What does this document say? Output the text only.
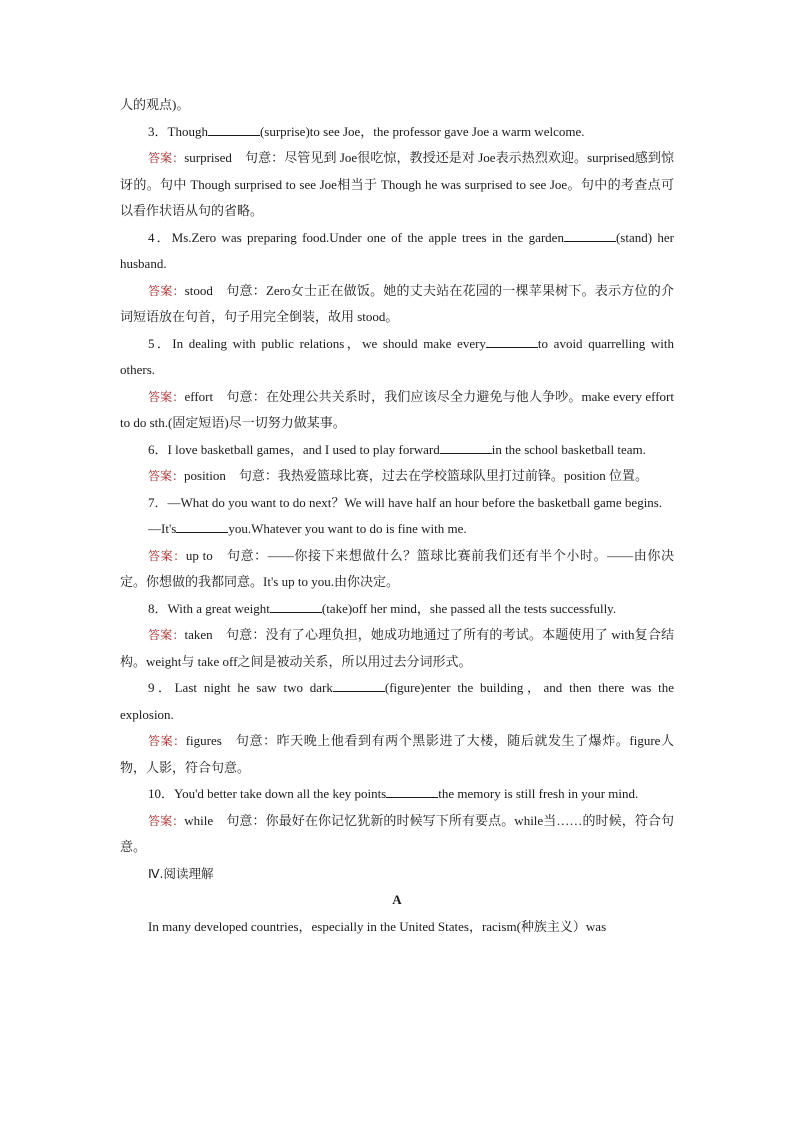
人的观点)。

3．Though	(surprise)to see Joe，the professor gave Joe a warm welcome.

答案：surprised　句意：尽管见到 Joe很吃惊，教授还是对 Joe表示热烈欢迎。surprised感到惊讶的。句中 Though surprised to see Joe相当于 Though he was surprised to see Joe。句中的考查点可以看作状语从句的省略。

4．Ms.Zero was preparing food.Under one of the apple trees in the garden	(stand) her husband.

答案：stood　句意：Zero女士正在做饭。她的丈夫站在花园的一棵苹果树下。表示方位的介词短语放在句首，句子用完全倒装，故用 stood。

5．In dealing with public relations，we should make every	to avoid quarrelling with others.

答案：effort　句意：在处理公共关系时，我们应该尽全力避免与他人争吵。make every effort to do sth.(固定短语)尽一切努力做某事。

6．I love basketball games，and I used to play forward	in the school basketball team.

答案：position　句意：我热爱篮球比赛，过去在学校篮球队里打过前锋。position 位置。

7．—What do you want to do next？We will have half an hour before the basketball game begins.

—It's	you.Whatever you want to do is fine with me.

答案：up to　句意：——你接下来想做什么？篮球比赛前我们还有半个小时。——由你决定。你想做的我都同意。It's up to you.由你决定。

8．With a great weight	(take)off her mind，she passed all the tests successfully.

答案：taken　句意：没有了心理负担，她成功地通过了所有的考试。本题使用了 with复合结构。weight与 take off之间是被动关系，所以用过去分词形式。

9．Last night he saw two dark	(figure)enter the building，and then there was the explosion.

答案：figures　句意：昨天晚上他看到有两个黑影进了大楼，随后就发生了爆炸。figure人物，人影，符合句意。

10．You'd better take down all the key points	the memory is still fresh in your mind.

答案：while　句意：你最好在你记忆犹新的时候写下所有要点。while当……的时候，符合句意。

Ⅳ.阅读理解

A

In many developed countries，especially in the United States，racism(种族主义）was
